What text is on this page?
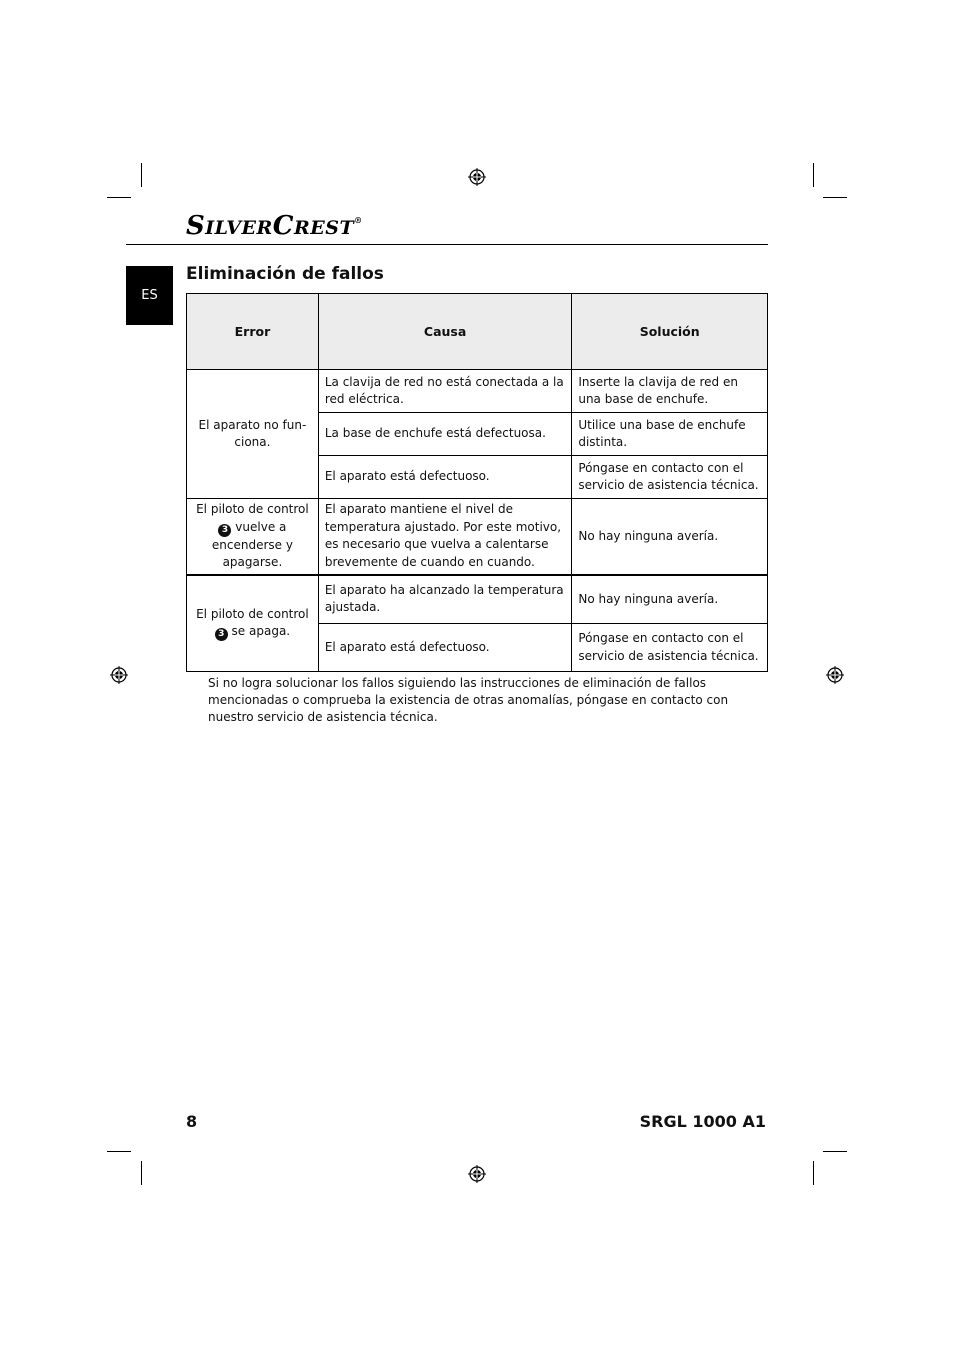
SILVERCREST®
ES
Eliminación de fallos
Error	Causa	Solución
El aparato no fun-ciona.	La clavija de red no está conectada a la red eléctrica.	Inserte la clavija de red en una base de enchufe.
	La base de enchufe está defectuosa.	Utilice una base de enchufe distinta.
	El aparato está defectuoso.	Póngase en contacto con el servicio de asistencia técnica.
El piloto de control 3 vuelve a encenderse y apagarse.	El aparato mantiene el nivel de temperatura ajustado. Por este motivo, es necesario que vuelva a calentarse brevemente de cuando en cuando.	No hay ninguna avería.
El piloto de control 3 se apaga.	El aparato ha alcanzado la temperatura ajustada.	No hay ninguna avería.
	El aparato está defectuoso.	Póngase en contacto con el servicio de asistencia técnica.

Si no logra solucionar los fallos siguiendo las instrucciones de eliminación de fallos mencionadas o comprueba la existencia de otras anomalías, póngase en contacto con nuestro servicio de asistencia técnica.

8	SRGL 1000 A1
